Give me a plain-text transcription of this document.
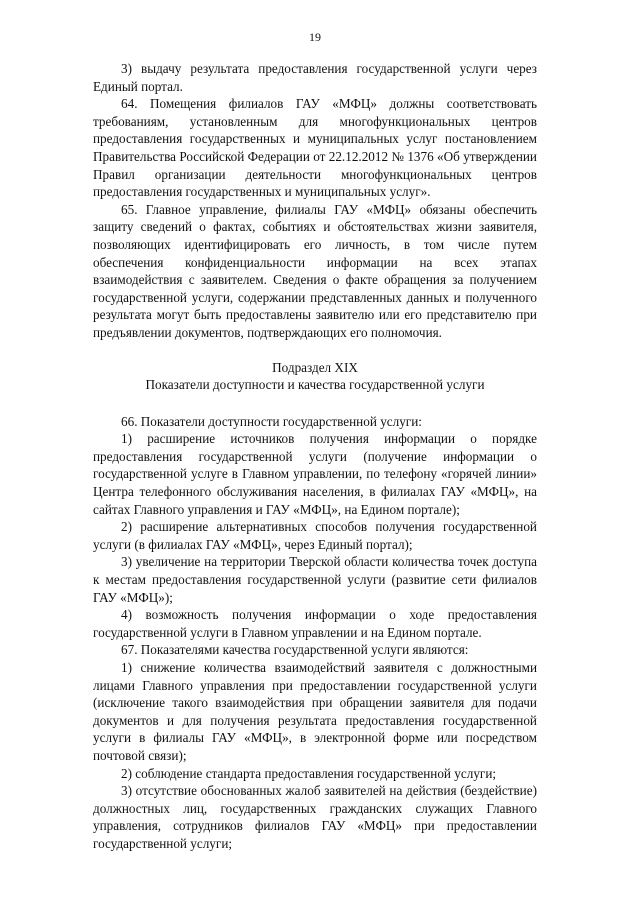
19

3) выдачу результата предоставления государственной услуги через Единый портал.

64. Помещения филиалов ГАУ «МФЦ» должны соответствовать требованиям, установленным для многофункциональных центров предоставления государственных и муниципальных услуг постановлением Правительства Российской Федерации от 22.12.2012 № 1376 «Об утверждении Правил организации деятельности многофункциональных центров предоставления государственных и муниципальных услуг».

65. Главное управление, филиалы ГАУ «МФЦ» обязаны обеспечить защиту сведений о фактах, событиях и обстоятельствах жизни заявителя, позволяющих идентифицировать его личность, в том числе путем обеспечения конфиденциальности информации на всех этапах взаимодействия с заявителем. Сведения о факте обращения за получением государственной услуги, содержании представленных данных и полученного результата могут быть предоставлены заявителю или его представителю при предъявлении документов, подтверждающих его полномочия.

Подраздел XIX

Показатели доступности и качества государственной услуги

66. Показатели доступности государственной услуги:

1) расширение источников получения информации о порядке предоставления государственной услуги (получение информации о государственной услуге в Главном управлении, по телефону «горячей линии» Центра телефонного обслуживания населения, в филиалах ГАУ «МФЦ», на сайтах Главного управления и ГАУ «МФЦ», на Едином портале);

2) расширение альтернативных способов получения государственной услуги (в филиалах ГАУ «МФЦ», через Единый портал);

3) увеличение на территории Тверской области количества точек доступа к местам предоставления государственной услуги (развитие сети филиалов ГАУ «МФЦ»);

4) возможность получения информации о ходе предоставления государственной услуги в Главном управлении и на Едином портале.

67. Показателями качества государственной услуги являются:

1) снижение количества взаимодействий заявителя с должностными лицами Главного управления при предоставлении государственной услуги (исключение такого взаимодействия при обращении заявителя для подачи документов и для получения результата предоставления государственной услуги в филиалы ГАУ «МФЦ», в электронной форме или посредством почтовой связи);

2) соблюдение стандарта предоставления государственной услуги;

3) отсутствие обоснованных жалоб заявителей на действия (бездействие) должностных лиц, государственных гражданских служащих Главного управления, сотрудников филиалов ГАУ «МФЦ» при предоставлении государственной услуги;
